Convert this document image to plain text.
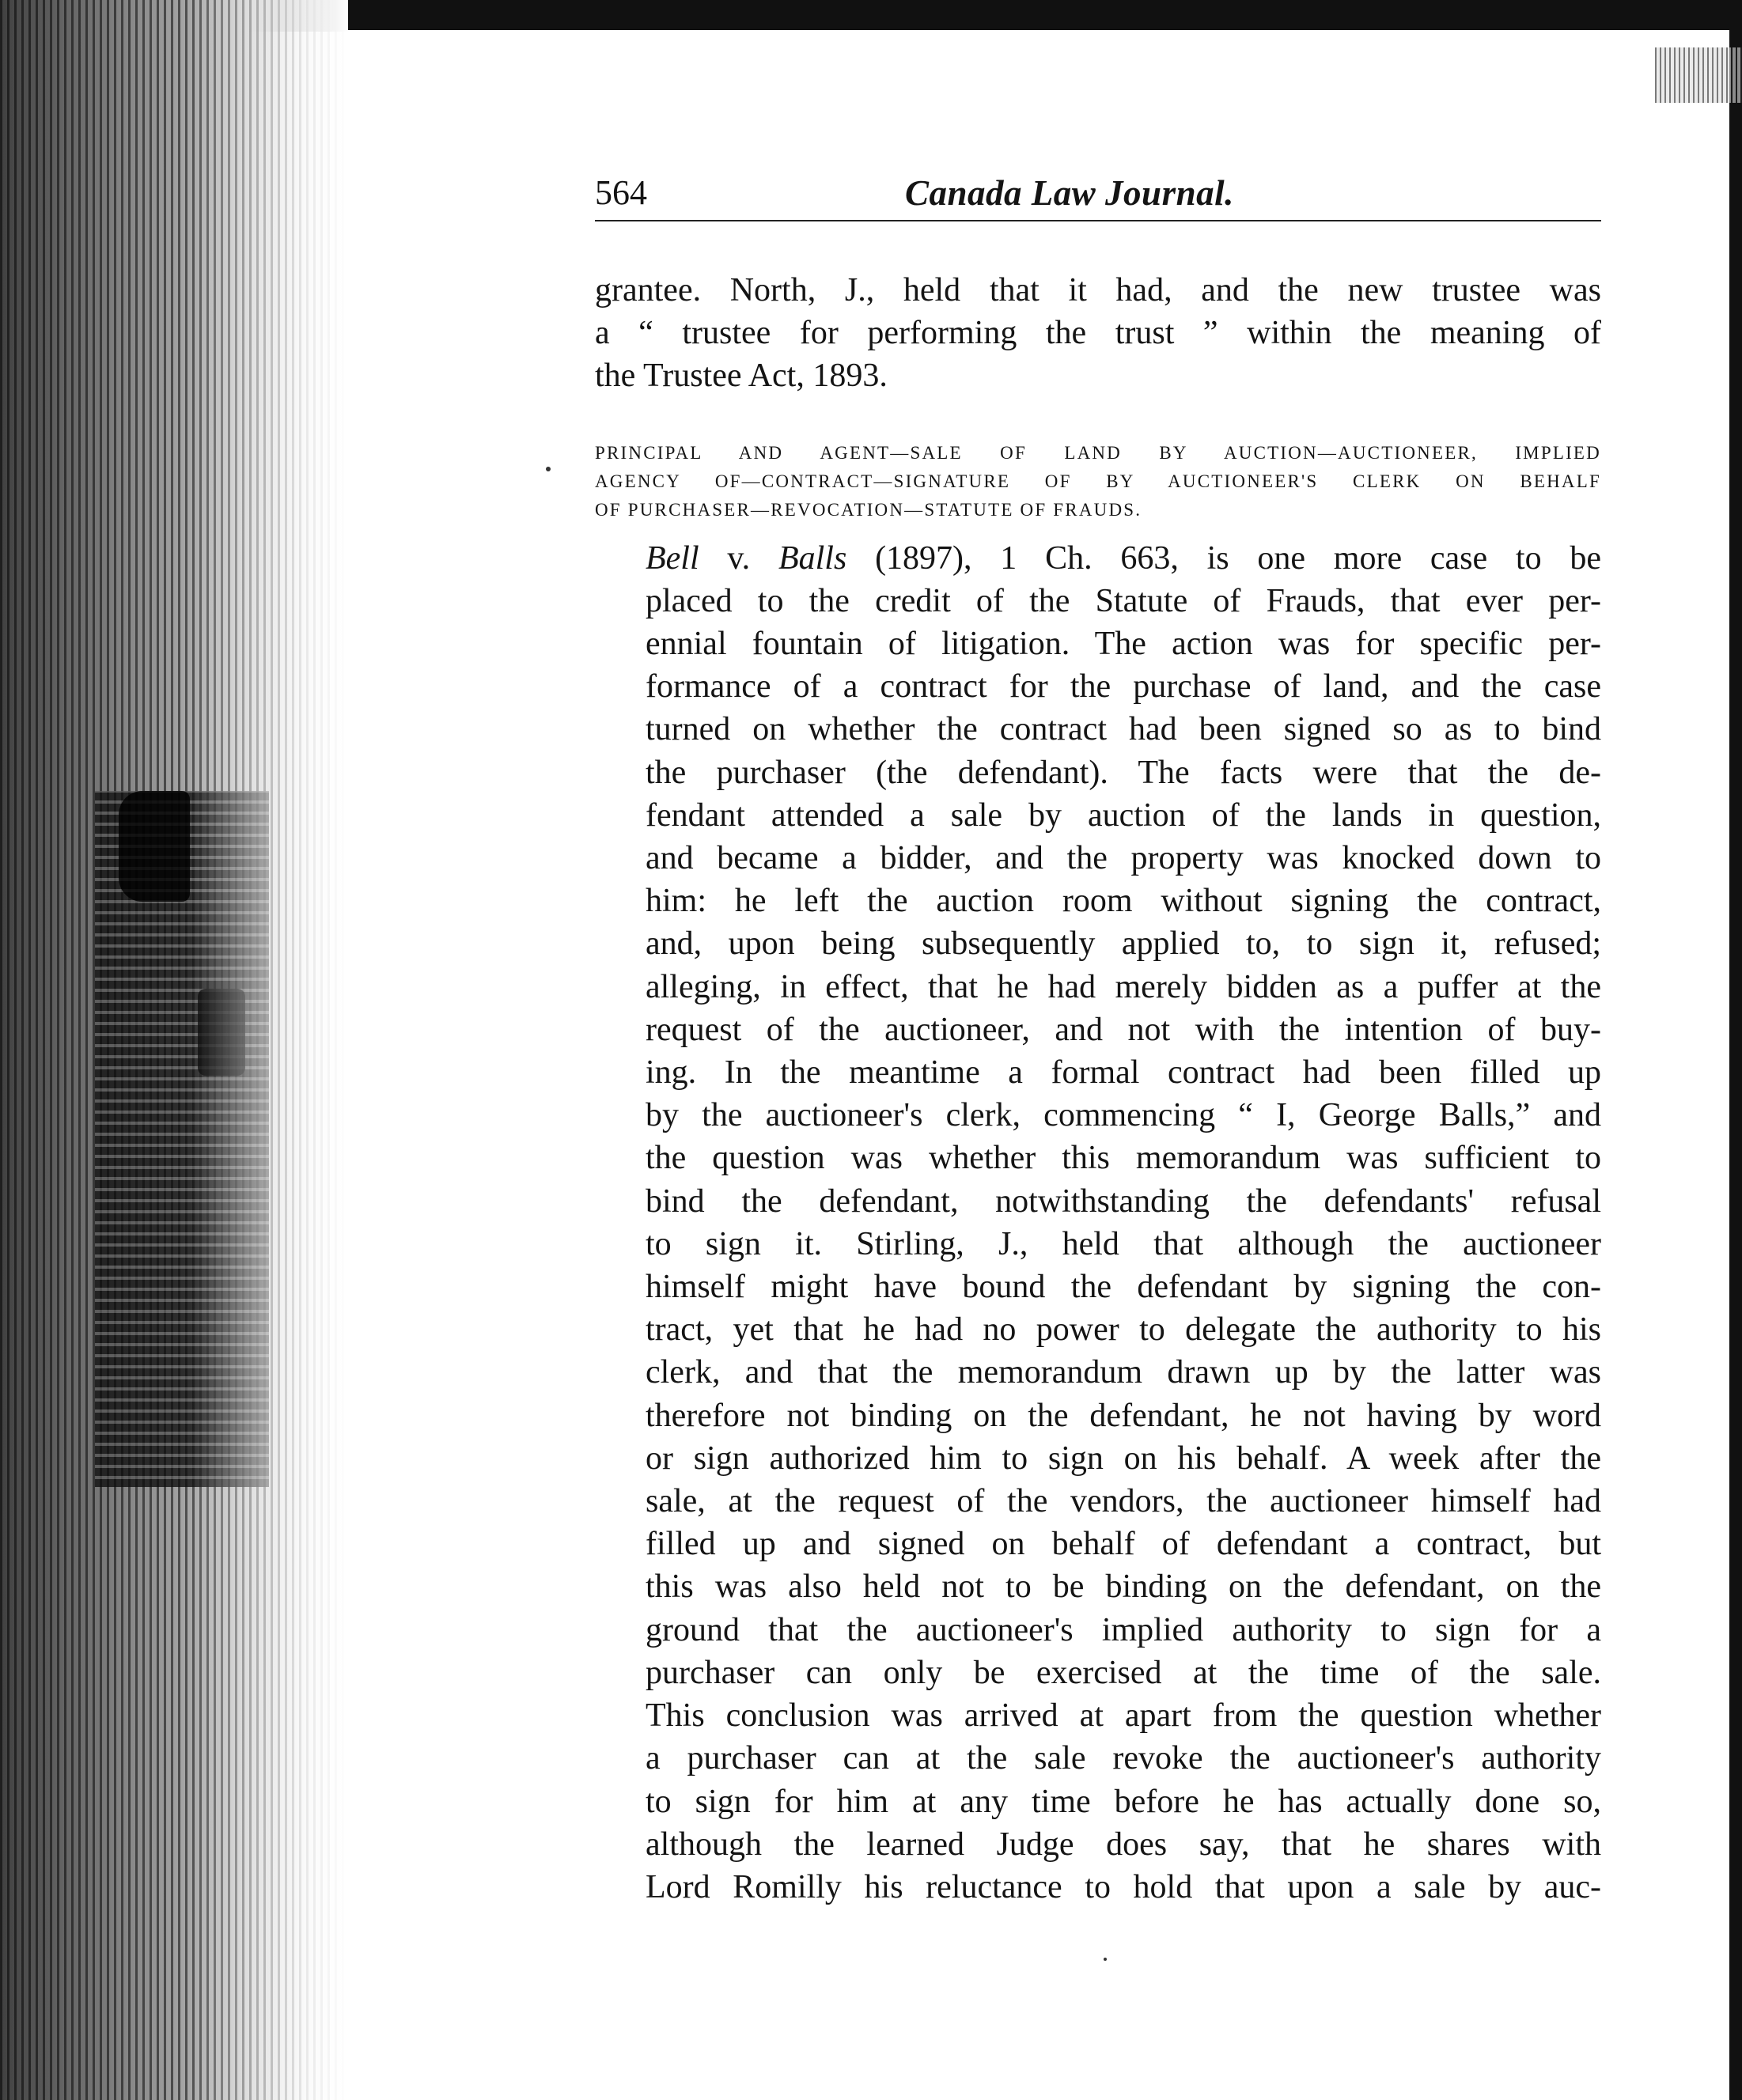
564	Canada Law Journal.

grantee. North, J., held that it had, and the new trustee was
a “ trustee for performing the trust ” within the meaning of
the Trustee Act, 1893.

PRINCIPAL AND AGENT—SALE OF LAND BY AUCTION—AUCTIONEER, IMPLIED
AGENCY OF—CONTRACT—SIGNATURE OF BY AUCTIONEER'S CLERK ON BEHALF
OF PURCHASER—REVOCATION—STATUTE OF FRAUDS.

Bell v. Balls (1897), 1 Ch. 663, is one more case to be
placed to the credit of the Statute of Frauds, that ever per-
ennial fountain of litigation. The action was for specific per-
formance of a contract for the purchase of land, and the case
turned on whether the contract had been signed so as to bind
the purchaser (the defendant). The facts were that the de-
fendant attended a sale by auction of the lands in question,
and became a bidder, and the property was knocked down to
him: he left the auction room without signing the contract,
and, upon being subsequently applied to, to sign it, refused;
alleging, in effect, that he had merely bidden as a puffer at the
request of the auctioneer, and not with the intention of buy-
ing. In the meantime a formal contract had been filled up
by the auctioneer's clerk, commencing “ I, George Balls,” and
the question was whether this memorandum was sufficient to
bind the defendant, notwithstanding the defendants' refusal
to sign it. Stirling, J., held that although the auctioneer
himself might have bound the defendant by signing the con-
tract, yet that he had no power to delegate the authority to his
clerk, and that the memorandum drawn up by the latter was
therefore not binding on the defendant, he not having by word
or sign authorized him to sign on his behalf. A week after the
sale, at the request of the vendors, the auctioneer himself had
filled up and signed on behalf of defendant a contract, but
this was also held not to be binding on the defendant, on the
ground that the auctioneer's implied authority to sign for a
purchaser can only be exercised at the time of the sale.
This conclusion was arrived at apart from the question whether
a purchaser can at the sale revoke the auctioneer's authority
to sign for him at any time before he has actually done so,
although the learned Judge does say, that he shares with
Lord Romilly his reluctance to hold that upon a sale by auc-
